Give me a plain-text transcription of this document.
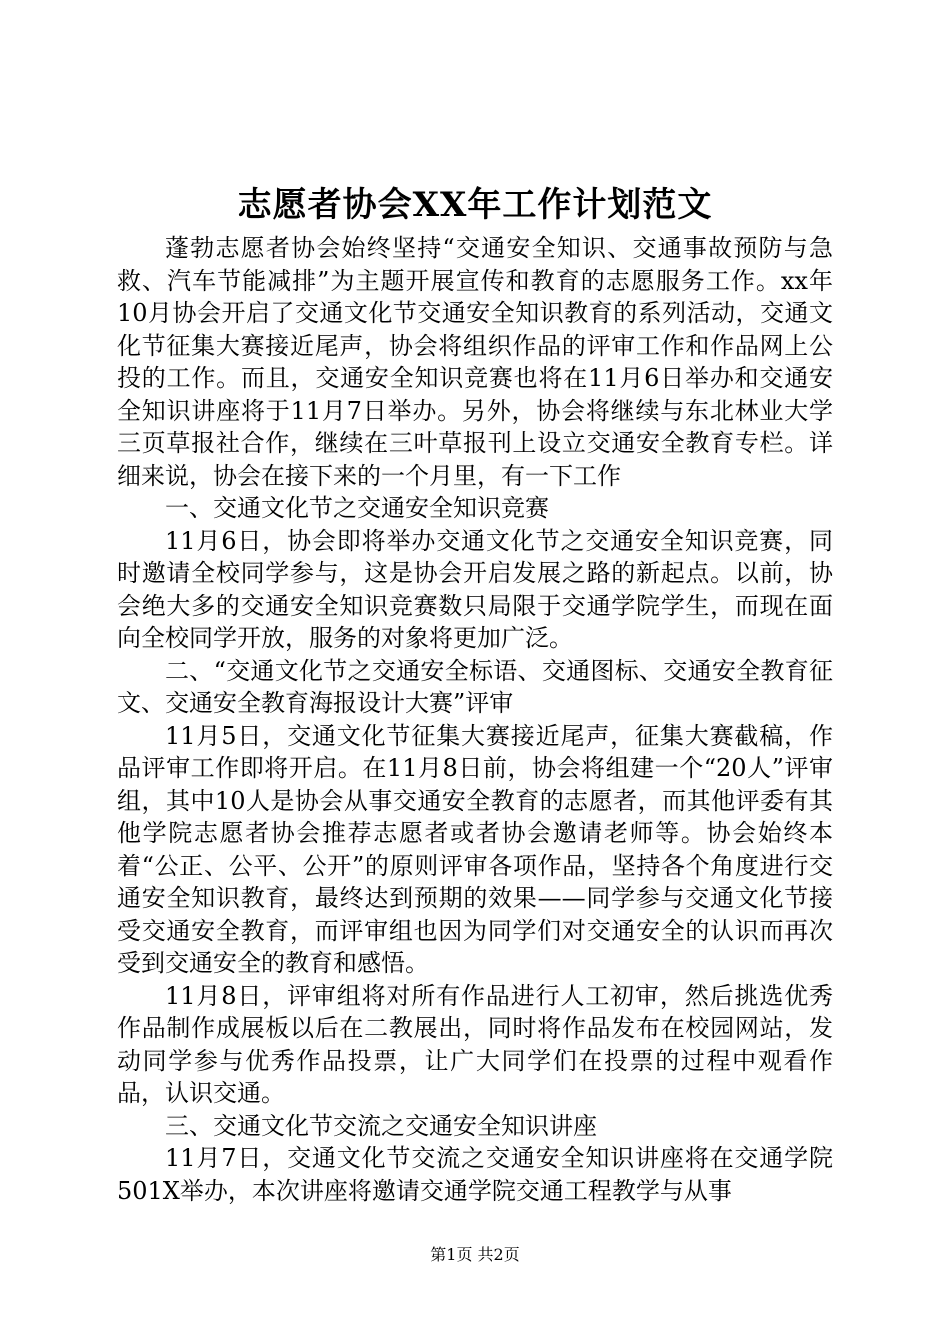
志愿者协会XX年工作计划范文

蓬勃志愿者协会始终坚持“交通安全知识、交通事故预防与急救、汽车节能减排”为主题开展宣传和教育的志愿服务工作。xx年10月协会开启了交通文化节交通安全知识教育的系列活动，交通文化节征集大赛接近尾声，协会将组织作品的评审工作和作品网上公投的工作。而且，交通安全知识竞赛也将在11月6日举办和交通安全知识讲座将于11月7日举办。另外，协会将继续与东北林业大学三页草报社合作，继续在三叶草报刊上设立交通安全教育专栏。详细来说，协会在接下来的一个月里，有一下工作

一、交通文化节之交通安全知识竞赛

11月6日，协会即将举办交通文化节之交通安全知识竞赛，同时邀请全校同学参与，这是协会开启发展之路的新起点。以前，协会绝大多的交通安全知识竞赛数只局限于交通学院学生，而现在面向全校同学开放，服务的对象将更加广泛。

二、“交通文化节之交通安全标语、交通图标、交通安全教育征文、交通安全教育海报设计大赛”评审

11月5日，交通文化节征集大赛接近尾声，征集大赛截稿，作品评审工作即将开启。在11月8日前，协会将组建一个“20人”评审组，其中10人是协会从事交通安全教育的志愿者，而其他评委有其他学院志愿者协会推荐志愿者或者协会邀请老师等。协会始终本着“公正、公平、公开”的原则评审各项作品，坚持各个角度进行交通安全知识教育，最终达到预期的效果——同学参与交通文化节接受交通安全教育，而评审组也因为同学们对交通安全的认识而再次受到交通安全的教育和感悟。

11月8日，评审组将对所有作品进行人工初审，然后挑选优秀作品制作成展板以后在二教展出，同时将作品发布在校园网站，发动同学参与优秀作品投票，让广大同学们在投票的过程中观看作品，认识交通。

三、交通文化节交流之交通安全知识讲座

11月7日，交通文化节交流之交通安全知识讲座将在交通学院501X举办，本次讲座将邀请交通学院交通工程教学与从事

第1页 共2页
